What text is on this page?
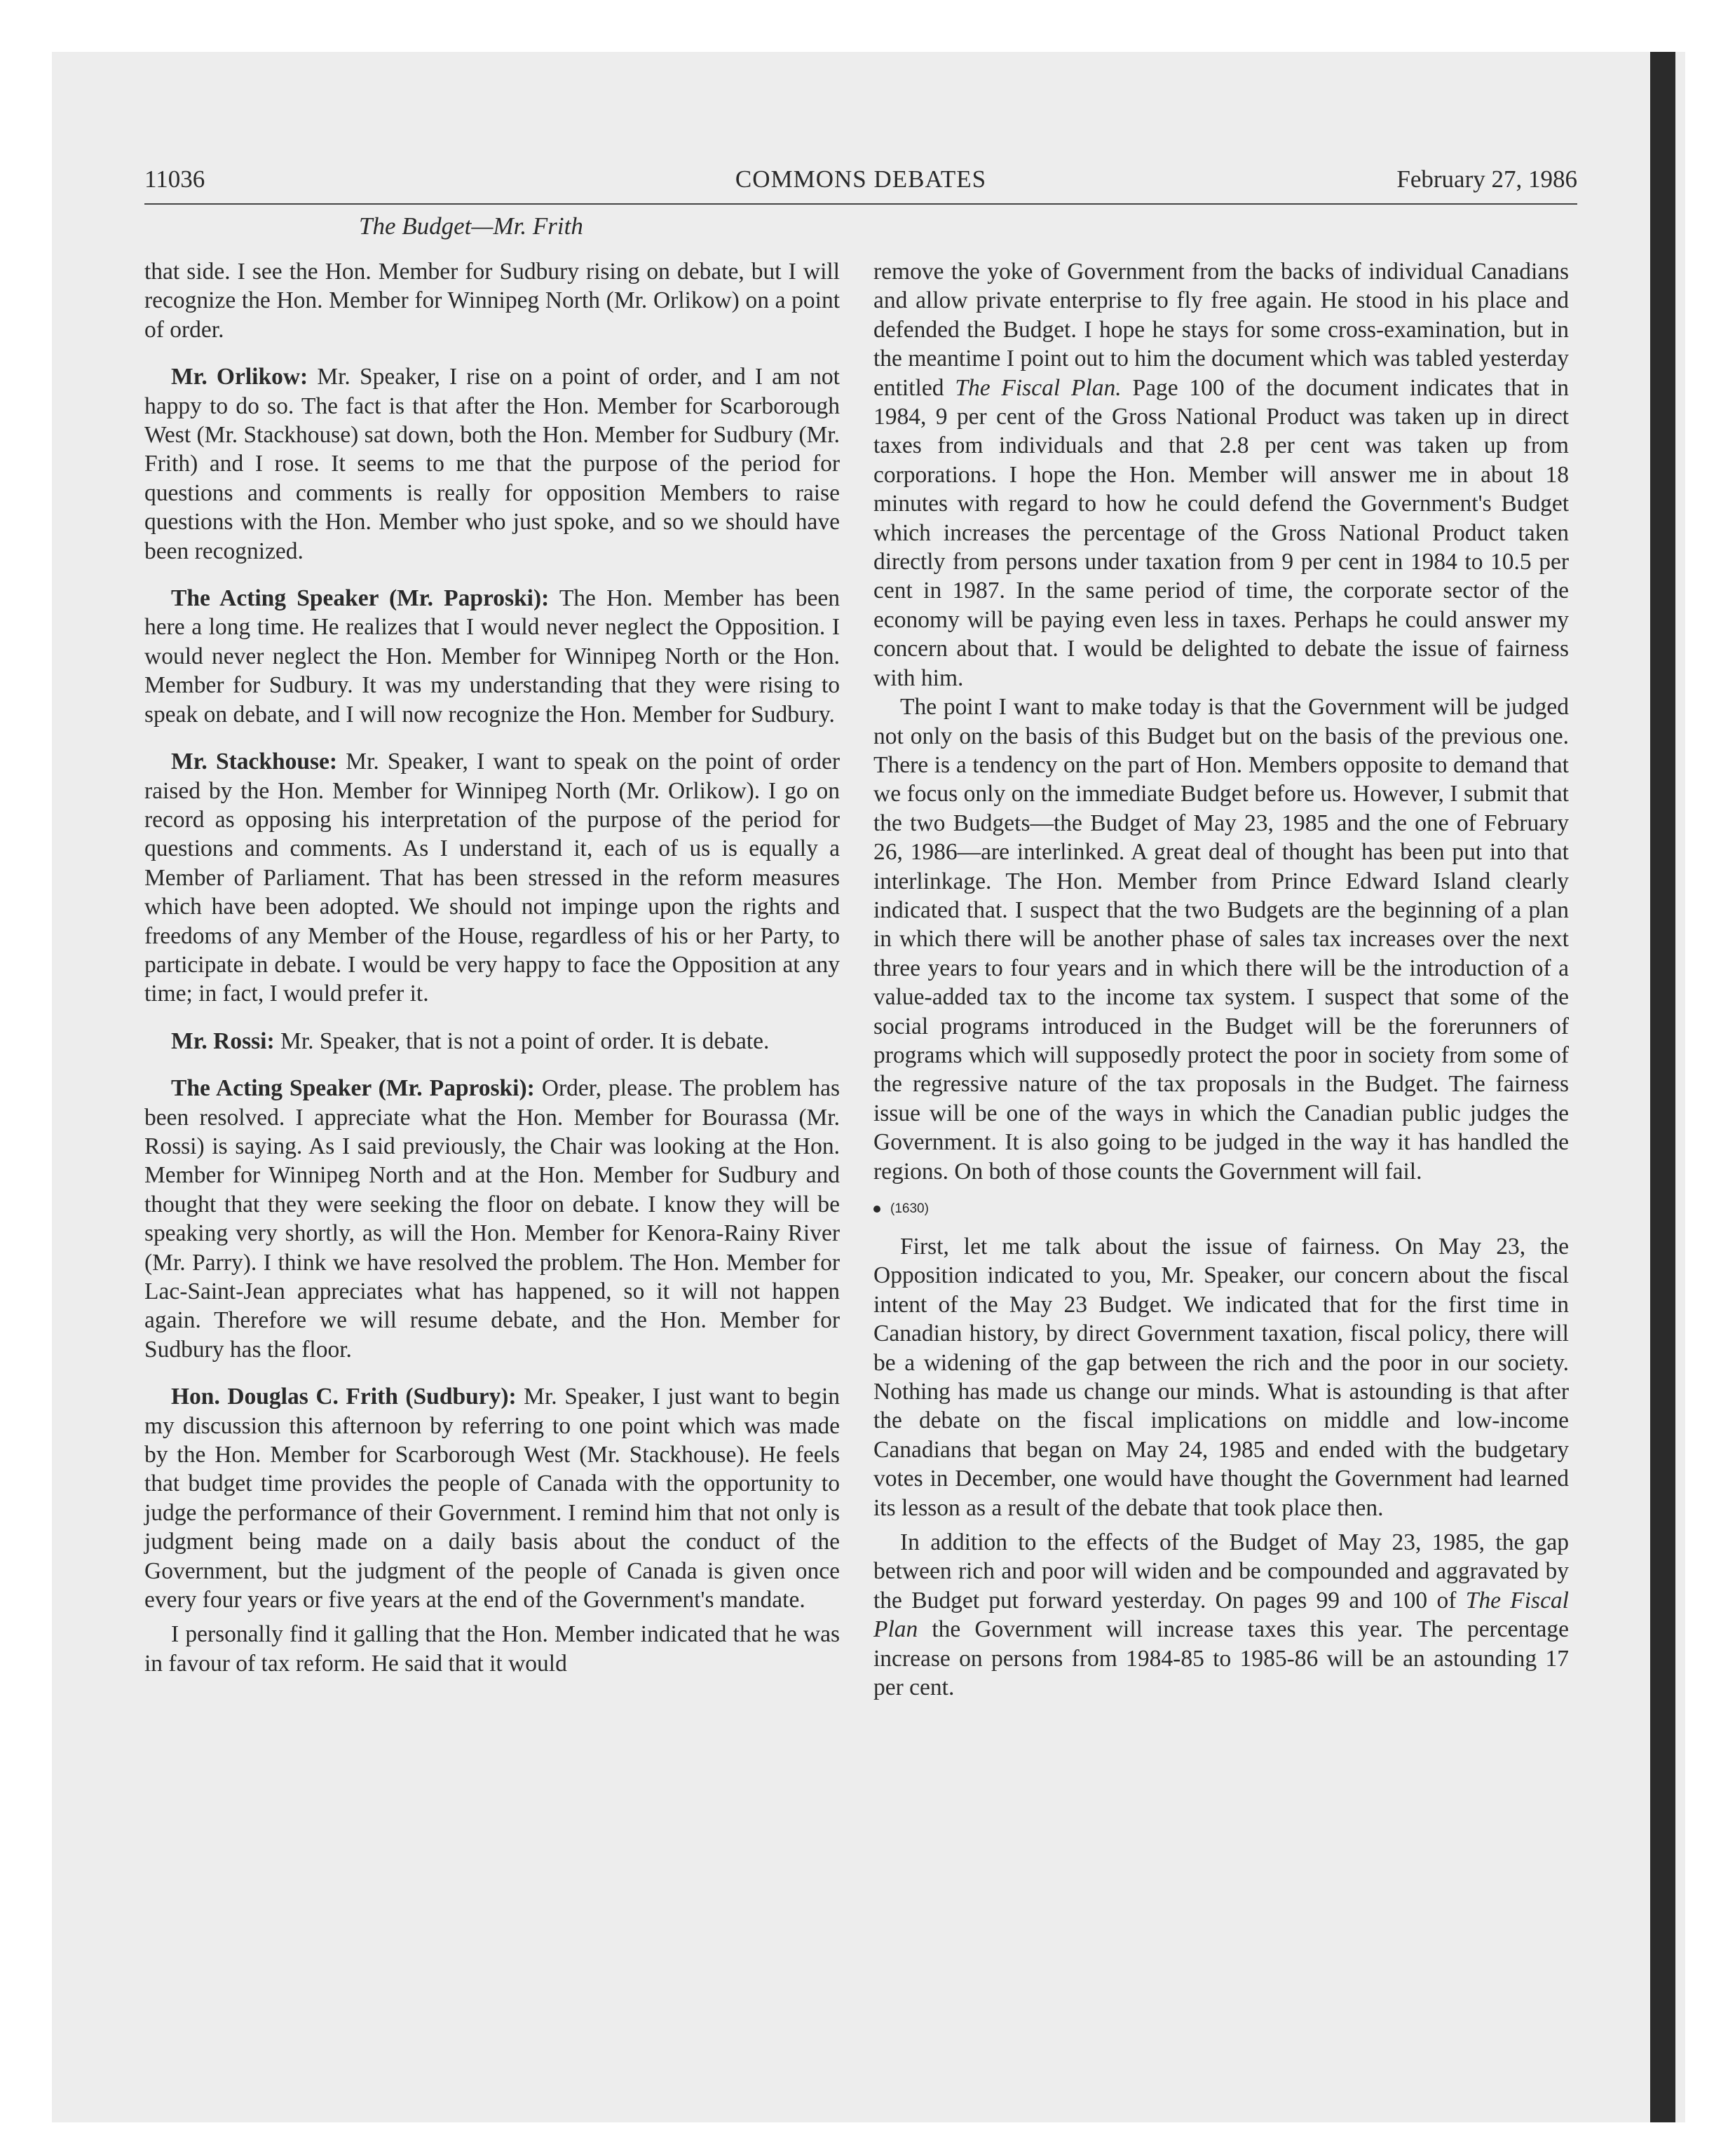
11036	COMMONS DEBATES	February 27, 1986
The Budget—Mr. Frith

that side. I see the Hon. Member for Sudbury rising on debate, but I will recognize the Hon. Member for Winnipeg North (Mr. Orlikow) on a point of order.

Mr. Orlikow: Mr. Speaker, I rise on a point of order, and I am not happy to do so. The fact is that after the Hon. Member for Scarborough West (Mr. Stackhouse) sat down, both the Hon. Member for Sudbury (Mr. Frith) and I rose. It seems to me that the purpose of the period for questions and comments is really for opposition Members to raise questions with the Hon. Member who just spoke, and so we should have been recognized.

The Acting Speaker (Mr. Paproski): The Hon. Member has been here a long time. He realizes that I would never neglect the Opposition. I would never neglect the Hon. Member for Winnipeg North or the Hon. Member for Sudbury. It was my understanding that they were rising to speak on debate, and I will now recognize the Hon. Member for Sudbury.

Mr. Stackhouse: Mr. Speaker, I want to speak on the point of order raised by the Hon. Member for Winnipeg North (Mr. Orlikow). I go on record as opposing his interpretation of the purpose of the period for questions and comments. As I understand it, each of us is equally a Member of Parliament. That has been stressed in the reform measures which have been adopted. We should not impinge upon the rights and freedoms of any Member of the House, regardless of his or her Party, to participate in debate. I would be very happy to face the Opposition at any time; in fact, I would prefer it.

Mr. Rossi: Mr. Speaker, that is not a point of order. It is debate.

The Acting Speaker (Mr. Paproski): Order, please. The problem has been resolved. I appreciate what the Hon. Member for Bourassa (Mr. Rossi) is saying. As I said previously, the Chair was looking at the Hon. Member for Winnipeg North and at the Hon. Member for Sudbury and thought that they were seeking the floor on debate. I know they will be speaking very shortly, as will the Hon. Member for Kenora-Rainy River (Mr. Parry). I think we have resolved the problem. The Hon. Member for Lac-Saint-Jean appreciates what has happened, so it will not happen again. Therefore we will resume debate, and the Hon. Member for Sudbury has the floor.

Hon. Douglas C. Frith (Sudbury): Mr. Speaker, I just want to begin my discussion this afternoon by referring to one point which was made by the Hon. Member for Scarborough West (Mr. Stackhouse). He feels that budget time provides the people of Canada with the opportunity to judge the performance of their Government. I remind him that not only is judgment being made on a daily basis about the conduct of the Government, but the judgment of the people of Canada is given once every four years or five years at the end of the Government's mandate.

I personally find it galling that the Hon. Member indicated that he was in favour of tax reform. He said that it would

remove the yoke of Government from the backs of individual Canadians and allow private enterprise to fly free again. He stood in his place and defended the Budget. I hope he stays for some cross-examination, but in the meantime I point out to him the document which was tabled yesterday entitled The Fiscal Plan. Page 100 of the document indicates that in 1984, 9 per cent of the Gross National Product was taken up in direct taxes from individuals and that 2.8 per cent was taken up from corporations. I hope the Hon. Member will answer me in about 18 minutes with regard to how he could defend the Government's Budget which increases the percentage of the Gross National Product taken directly from persons under taxation from 9 per cent in 1984 to 10.5 per cent in 1987. In the same period of time, the corporate sector of the economy will be paying even less in taxes. Perhaps he could answer my concern about that. I would be delighted to debate the issue of fairness with him.

The point I want to make today is that the Government will be judged not only on the basis of this Budget but on the basis of the previous one. There is a tendency on the part of Hon. Members opposite to demand that we focus only on the immediate Budget before us. However, I submit that the two Budgets—the Budget of May 23, 1985 and the one of February 26, 1986—are interlinked. A great deal of thought has been put into that interlinkage. The Hon. Member from Prince Edward Island clearly indicated that. I suspect that the two Budgets are the beginning of a plan in which there will be another phase of sales tax increases over the next three years to four years and in which there will be the introduction of a value-added tax to the income tax system. I suspect that some of the social programs introduced in the Budget will be the forerunners of programs which will supposedly protect the poor in society from some of the regressive nature of the tax proposals in the Budget. The fairness issue will be one of the ways in which the Canadian public judges the Government. It is also going to be judged in the way it has handled the regions. On both of those counts the Government will fail.

(1630)

First, let me talk about the issue of fairness. On May 23, the Opposition indicated to you, Mr. Speaker, our concern about the fiscal intent of the May 23 Budget. We indicated that for the first time in Canadian history, by direct Government taxation, fiscal policy, there will be a widening of the gap between the rich and the poor in our society. Nothing has made us change our minds. What is astounding is that after the debate on the fiscal implications on middle and low-income Canadians that began on May 24, 1985 and ended with the budgetary votes in December, one would have thought the Government had learned its lesson as a result of the debate that took place then.

In addition to the effects of the Budget of May 23, 1985, the gap between rich and poor will widen and be compounded and aggravated by the Budget put forward yesterday. On pages 99 and 100 of The Fiscal Plan the Government will increase taxes this year. The percentage increase on persons from 1984-85 to 1985-86 will be an astounding 17 per cent.
